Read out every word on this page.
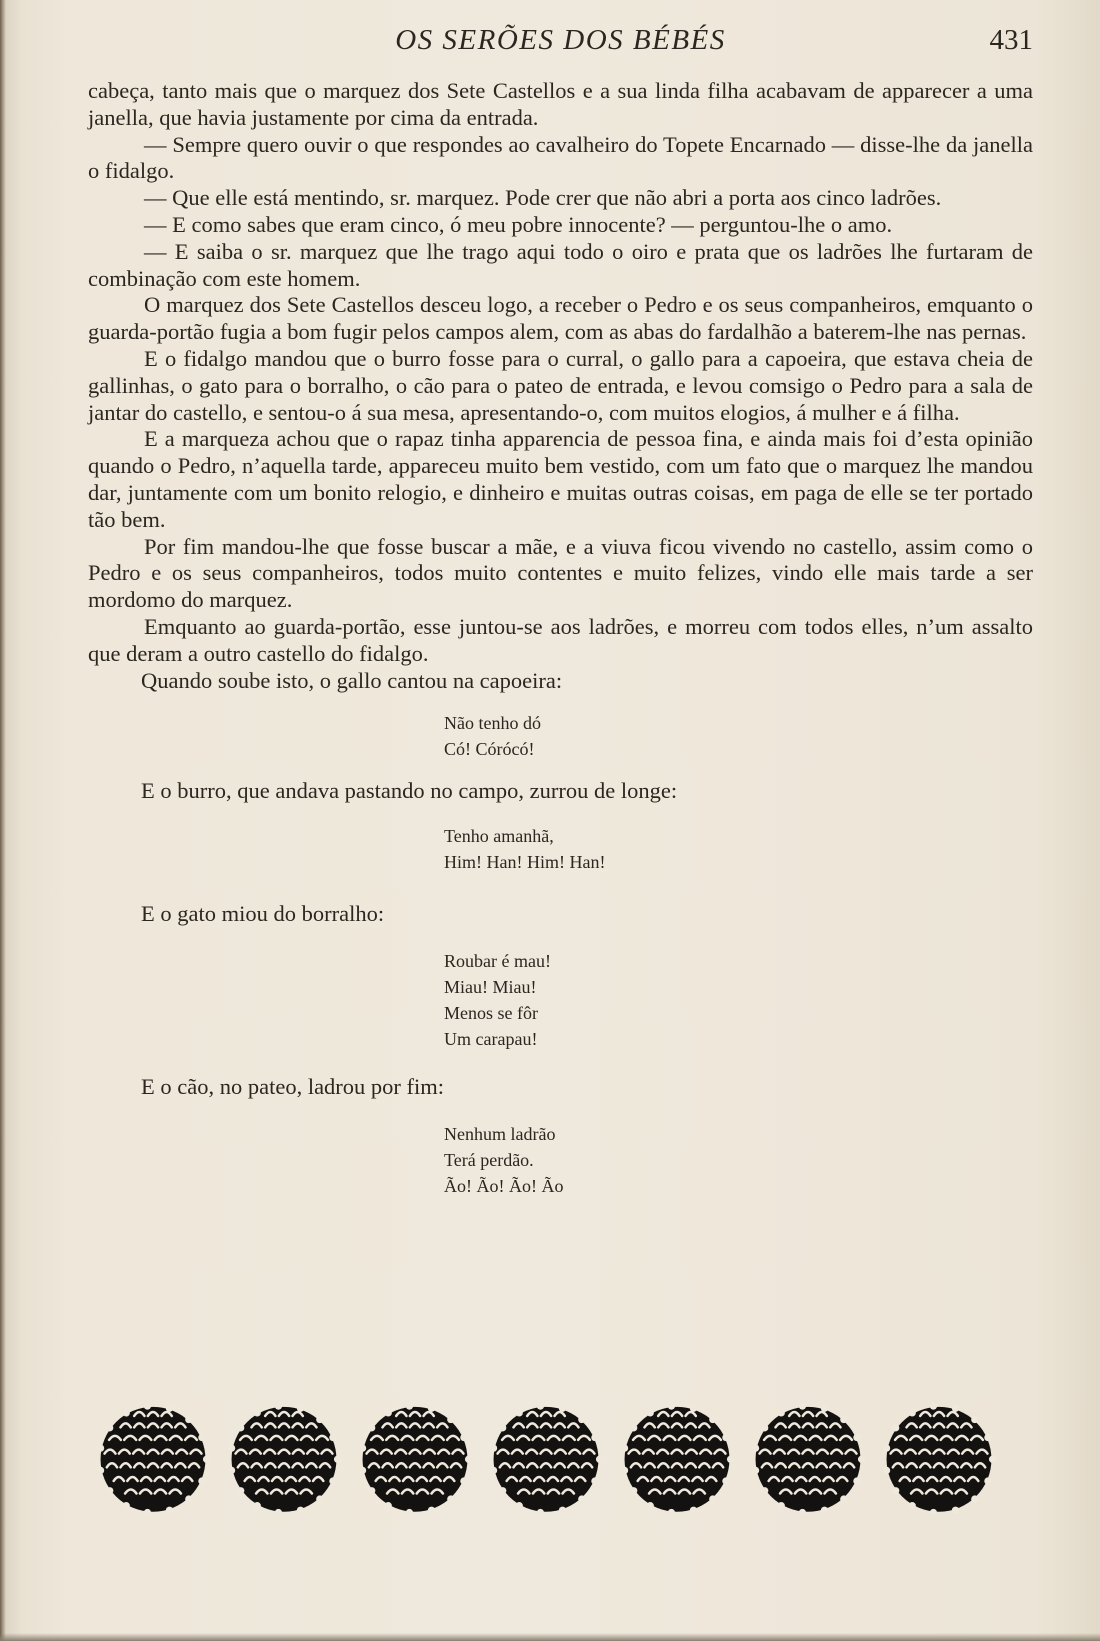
OS SERÕES DOS BÉBÉS	431

cabeça, tanto mais que o marquez dos Sete Castellos e a sua linda filha acabavam de apparecer a uma janella, que havia justamente por cima da entrada.

— Sempre quero ouvir o que respondes ao cavalheiro do Topete Encarnado — disse-lhe da janella o fidalgo.

— Que elle está mentindo, sr. marquez. Pode crer que não abri a porta aos cinco ladrões.

— E como sabes que eram cinco, ó meu pobre innocente? — perguntou-lhe o amo.

— E saiba o sr. marquez que lhe trago aqui todo o oiro e prata que os ladrões lhe furtaram de combinação com este homem.

O marquez dos Sete Castellos desceu logo, a receber o Pedro e os seus companheiros, emquanto o guarda-portão fugia a bom fugir pelos campos alem, com as abas do fardalhão a baterem-lhe nas pernas.

E o fidalgo mandou que o burro fosse para o curral, o gallo para a capoeira, que estava cheia de gallinhas, o gato para o borralho, o cão para o pateo de entrada, e levou comsigo o Pedro para a sala de jantar do castello, e sentou-o á sua mesa, apresentando-o, com muitos elogios, á mulher e á filha.

E a marqueza achou que o rapaz tinha apparencia de pessoa fina, e ainda mais foi d’esta opinião quando o Pedro, n’aquella tarde, appareceu muito bem vestido, com um fato que o marquez lhe mandou dar, juntamente com um bonito relogio, e dinheiro e muitas outras coisas, em paga de elle se ter portado tão bem.

Por fim mandou-lhe que fosse buscar a mãe, e a viuva ficou vivendo no castello, assim como o Pedro e os seus companheiros, todos muito contentes e muito felizes, vindo elle mais tarde a ser mordomo do marquez.

Emquanto ao guarda-portão, esse juntou-se aos ladrões, e morreu com todos elles, n’um assalto que deram a outro castello do fidalgo.

Quando soube isto, o gallo cantou na capoeira:

Não tenho dó
Có! Córócó!

E o burro, que andava pastando no campo, zurrou de longe:

Tenho amanhã,
Him! Han! Him! Han!

E o gato miou do borralho:

Roubar é mau!
Miau! Miau!
Menos se fôr
Um carapau!

E o cão, no pateo, ladrou por fim:

Nenhum ladrão
Terá perdão.
Ão! Ão! Ão! Ão
